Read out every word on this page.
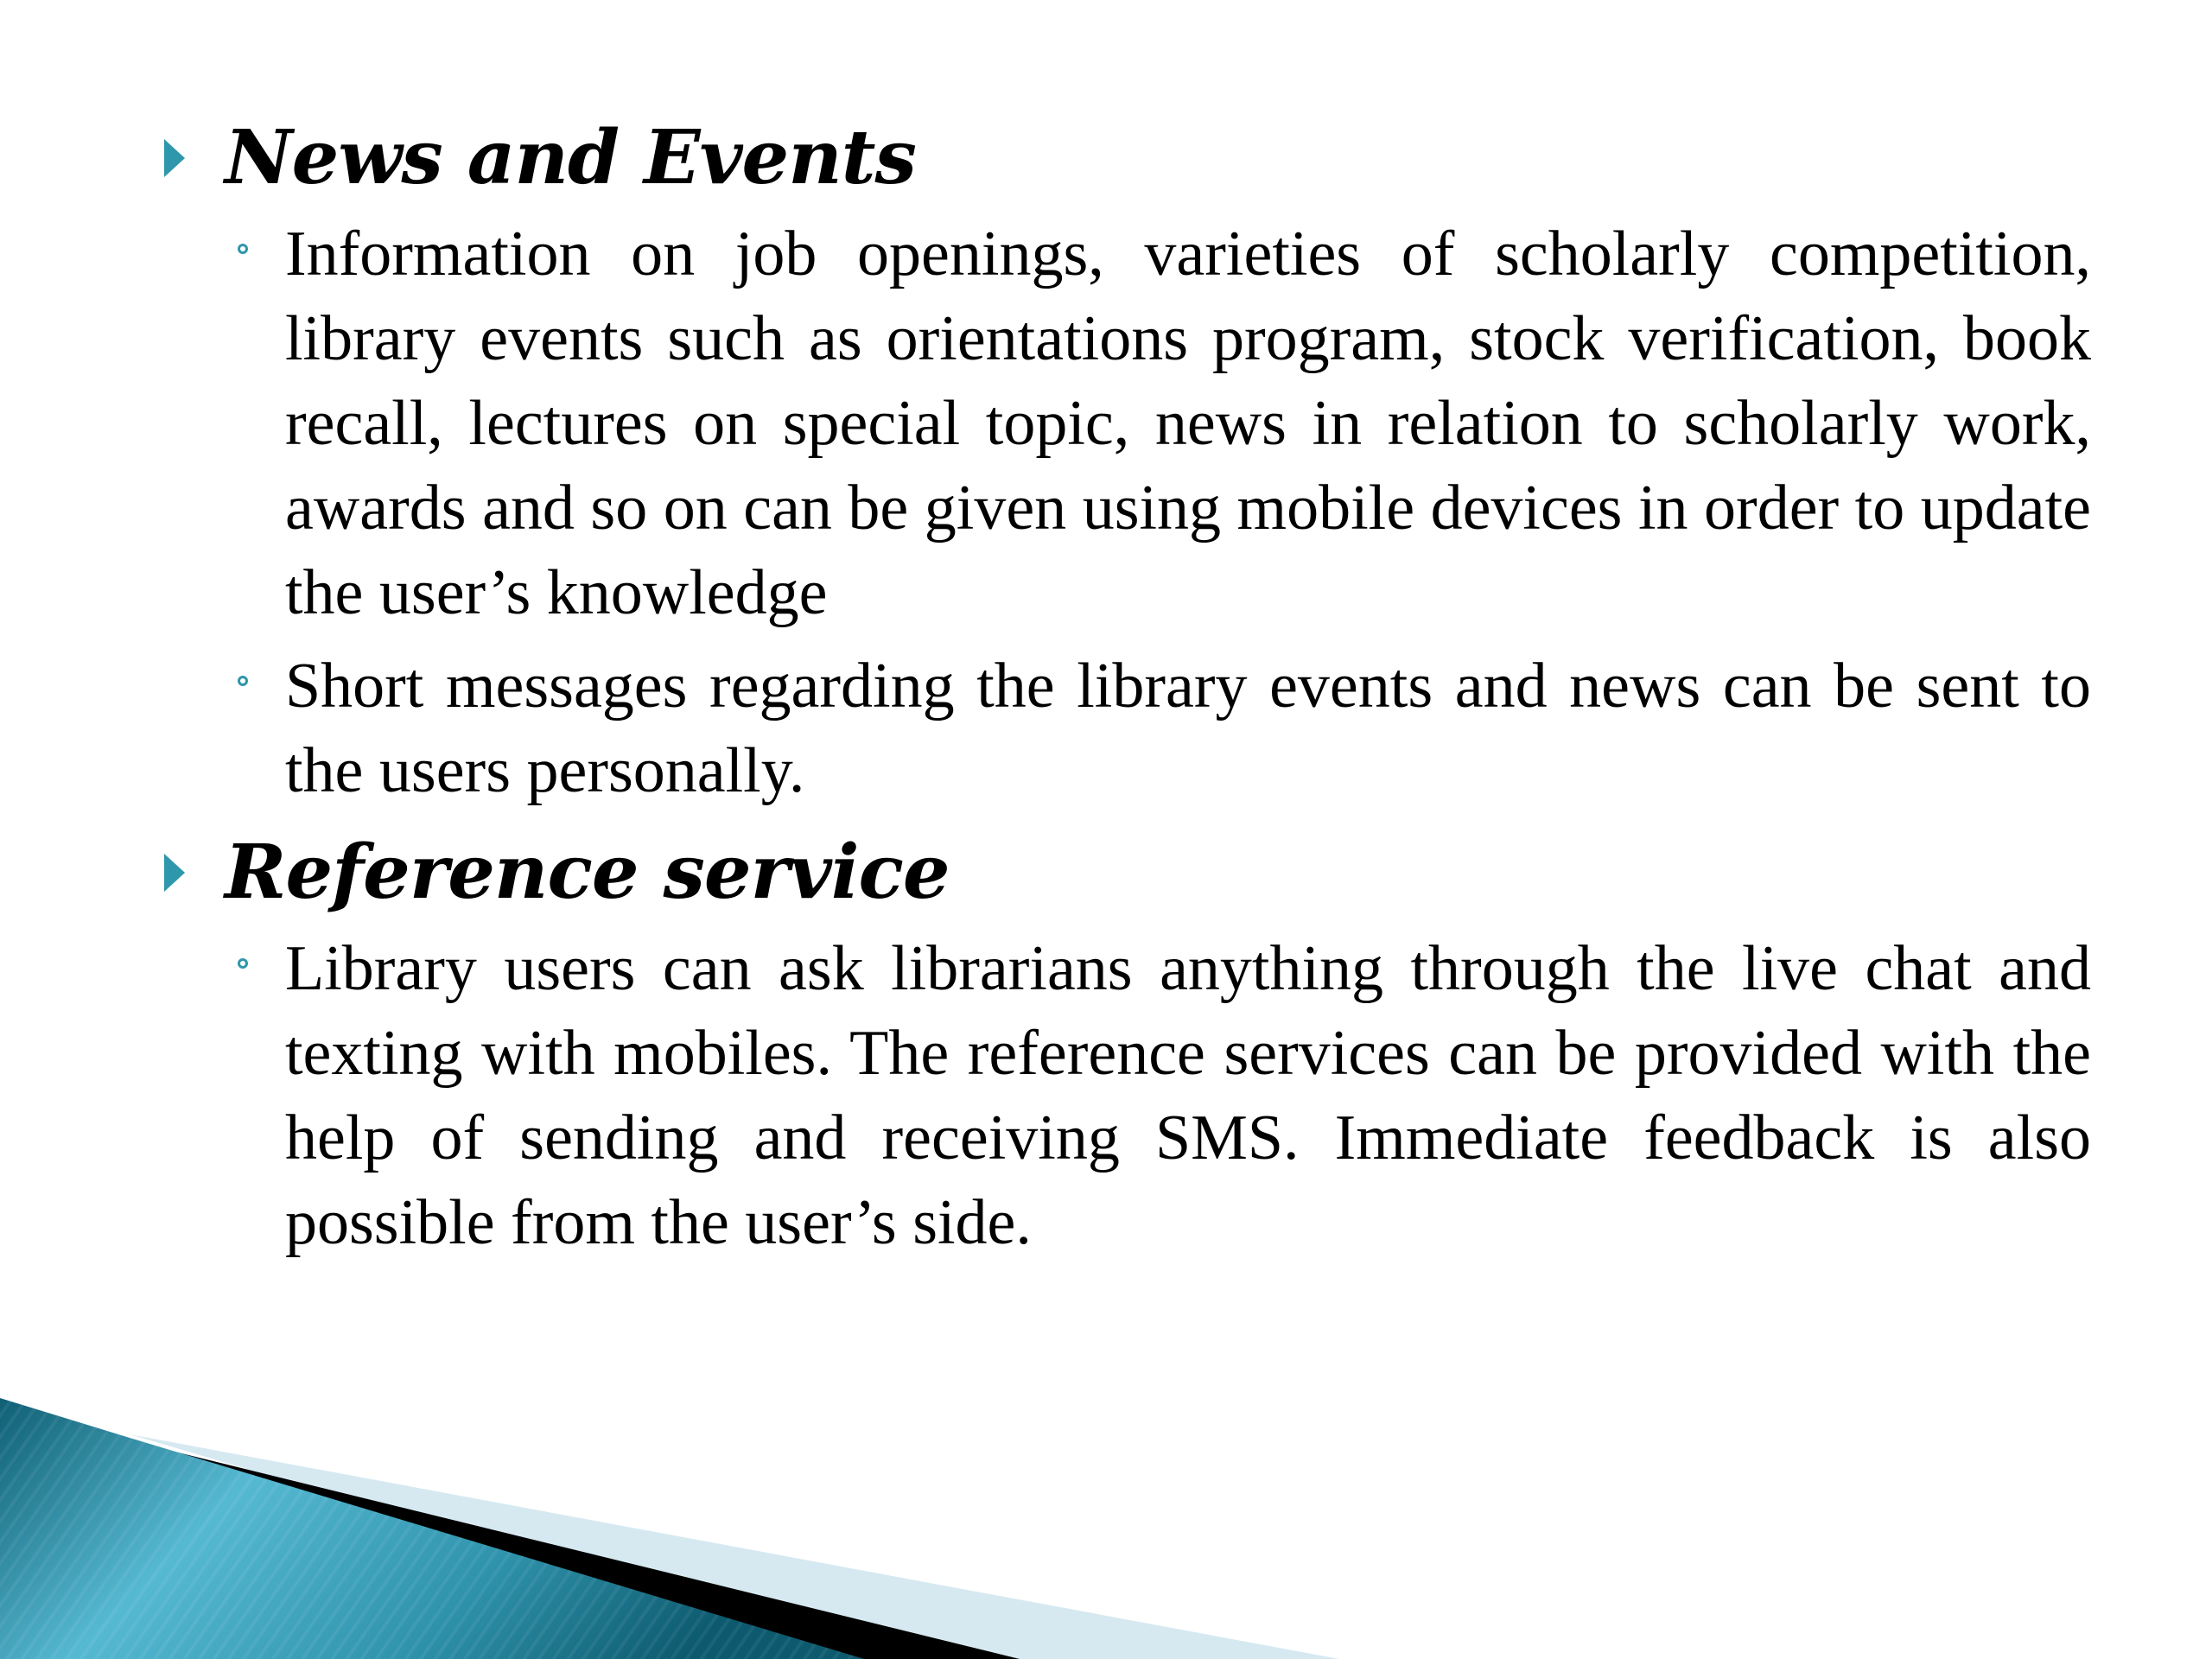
News and Events
Information on job openings, varieties of scholarly competition, library events such as orientations program, stock verification, book recall, lectures on special topic, news in relation to scholarly work, awards and so on can be given using mobile devices in order to update the user’s knowledge
Short messages regarding the library events and news can be sent to the users personally.
Reference service
Library users can ask librarians anything through the live chat and texting with mobiles. The reference services can be provided with the help of sending and receiving SMS. Immediate feedback is also possible from the user’s side.
